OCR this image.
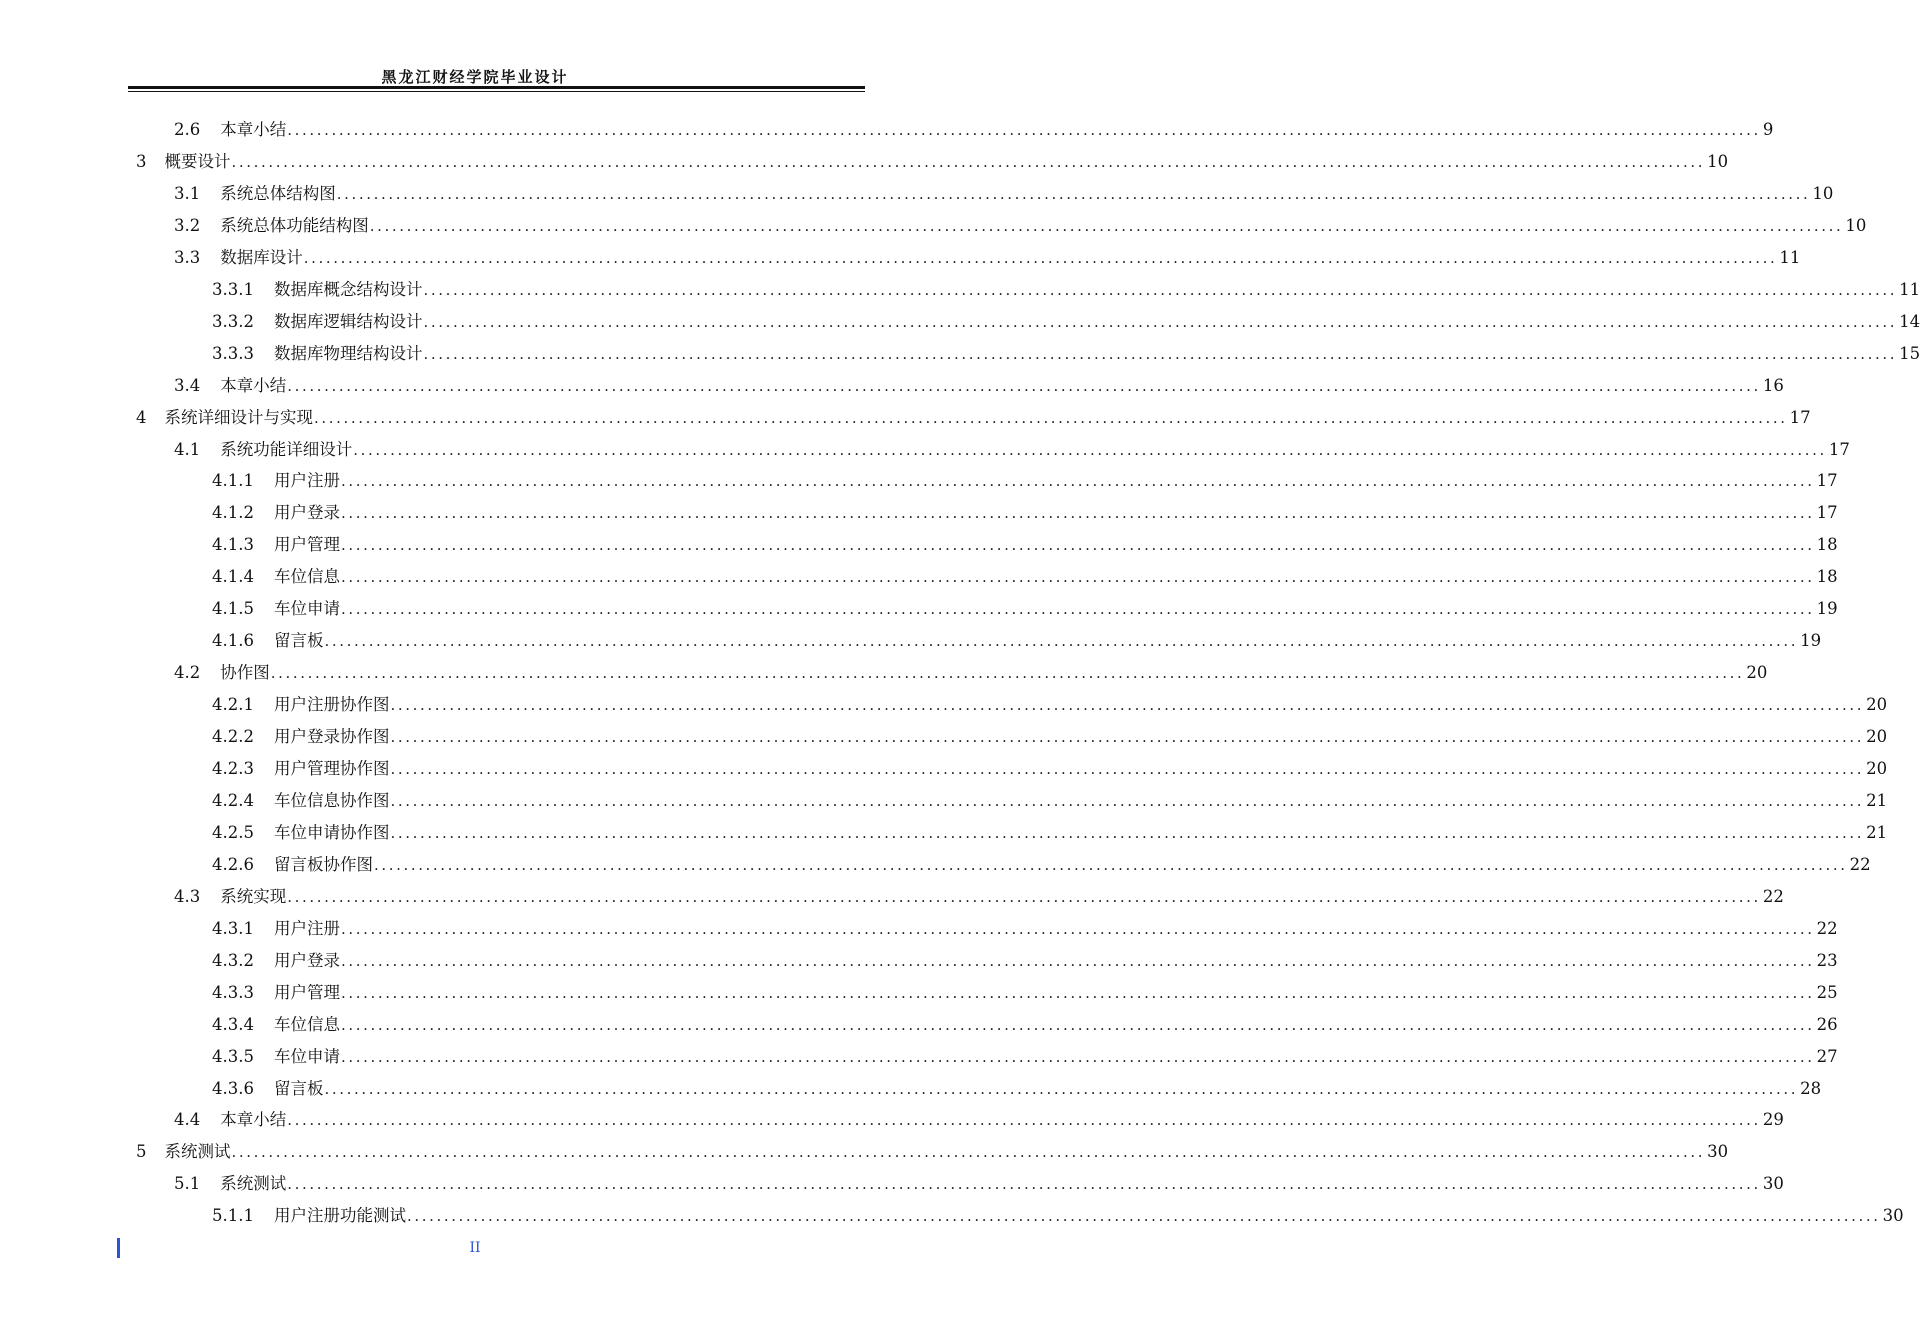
黑龙江财经学院毕业设计
2.6 本章小结 ........................................................................................................................................................................................................ 9
3 概要设计 ........................................................................................................................................................................................................ 10
3.1 系统总体结构图 ........................................................................................................................................................................................................ 10
3.2 系统总体功能结构图 ........................................................................................................................................................................................................ 10
3.3 数据库设计 ........................................................................................................................................................................................................ 11
3.3.1 数据库概念结构设计 ........................................................................................................................................................................................................ 11
3.3.2 数据库逻辑结构设计 ........................................................................................................................................................................................................ 14
3.3.3 数据库物理结构设计 ........................................................................................................................................................................................................ 15
3.4 本章小结 ........................................................................................................................................................................................................ 16
4 系统详细设计与实现 ........................................................................................................................................................................................................ 17
4.1 系统功能详细设计 ........................................................................................................................................................................................................ 17
4.1.1 用户注册 ........................................................................................................................................................................................................ 17
4.1.2 用户登录 ........................................................................................................................................................................................................ 17
4.1.3 用户管理 ........................................................................................................................................................................................................ 18
4.1.4 车位信息 ........................................................................................................................................................................................................ 18
4.1.5 车位申请 ........................................................................................................................................................................................................ 19
4.1.6 留言板 ........................................................................................................................................................................................................ 19
4.2 协作图 ........................................................................................................................................................................................................ 20
4.2.1 用户注册协作图 ........................................................................................................................................................................................................ 20
4.2.2 用户登录协作图 ........................................................................................................................................................................................................ 20
4.2.3 用户管理协作图 ........................................................................................................................................................................................................ 20
4.2.4 车位信息协作图 ........................................................................................................................................................................................................ 21
4.2.5 车位申请协作图 ........................................................................................................................................................................................................ 21
4.2.6 留言板协作图 ........................................................................................................................................................................................................ 22
4.3 系统实现 ........................................................................................................................................................................................................ 22
4.3.1 用户注册 ........................................................................................................................................................................................................ 22
4.3.2 用户登录 ........................................................................................................................................................................................................ 23
4.3.3 用户管理 ........................................................................................................................................................................................................ 25
4.3.4 车位信息 ........................................................................................................................................................................................................ 26
4.3.5 车位申请 ........................................................................................................................................................................................................ 27
4.3.6 留言板 ........................................................................................................................................................................................................ 28
4.4 本章小结 ........................................................................................................................................................................................................ 29
5 系统测试 ........................................................................................................................................................................................................ 30
5.1 系统测试 ........................................................................................................................................................................................................ 30
5.1.1 用户注册功能测试 ........................................................................................................................................................................................................ 30
II
